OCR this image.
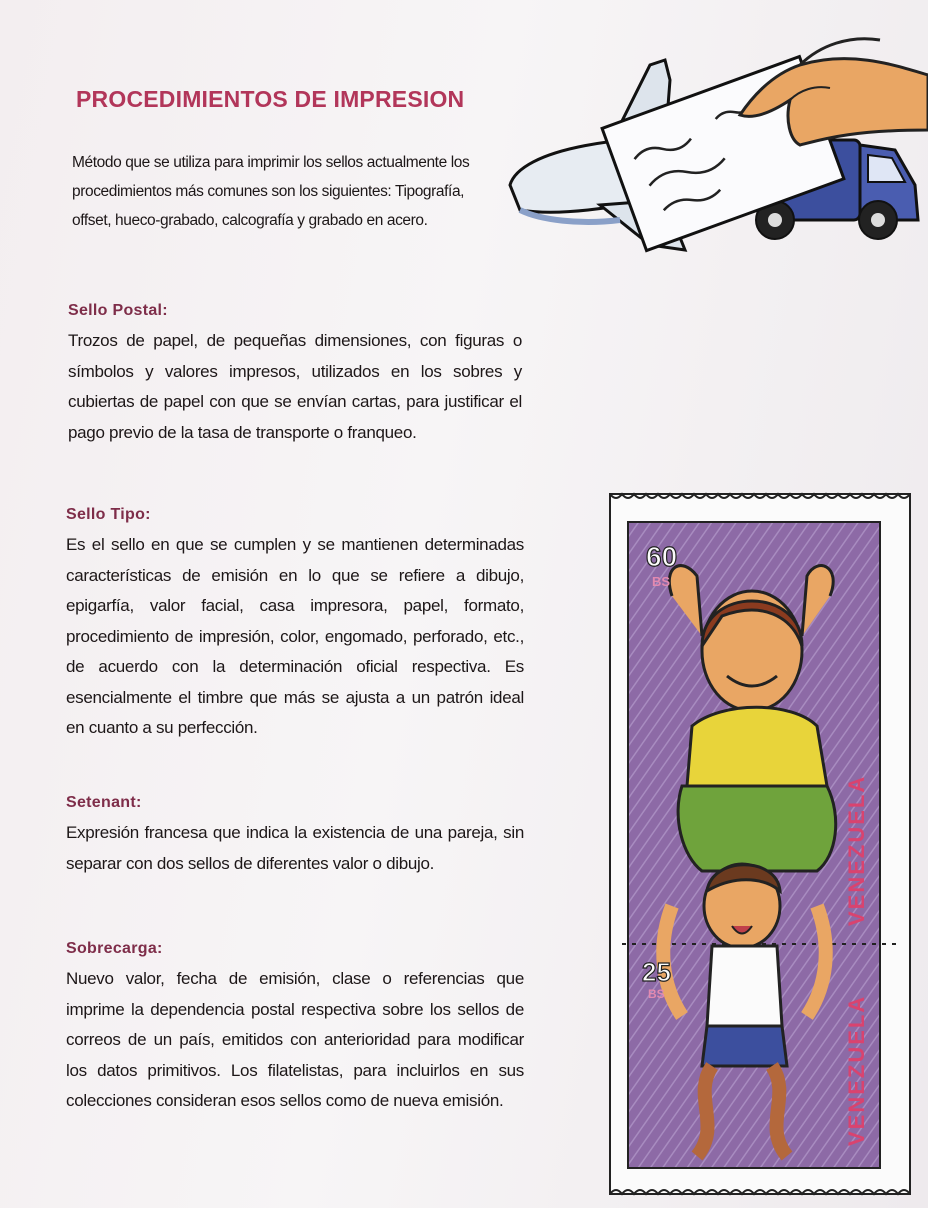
PROCEDIMIENTOS DE IMPRESION

Método que se utiliza para imprimir los sellos actualmente los procedimientos más comunes son los siguientes: Tipografía, offset, hueco-grabado, calcografía y grabado en acero.

Sello Postal:

Trozos de papel, de pequeñas dimensiones, con figuras o símbolos y valores impresos, utilizados en los sobres y cubiertas de papel con que se envían cartas, para justificar el pago previo de la tasa de transporte o franqueo.

Sello Tipo:

Es el sello en que se cumplen y se mantienen determinadas características de emisión en lo que se refiere a dibujo, epigarfía, valor facial, casa impresora, papel, formato, procedimiento de impresión, color, engomado, perforado, etc., de acuerdo con la determinación oficial respectiva. Es esencialmente el timbre que más se ajusta a un patrón ideal en cuanto a su perfección.

Setenant:

Expresión francesa que indica la existencia de una pareja, sin separar con dos sellos de diferentes valor o dibujo.

Sobrecarga:

Nuevo valor, fecha de emisión, clase o referencias que imprime la dependencia postal respectiva sobre los sellos de correos de un país, emitidos con anterioridad para modificar los datos primitivos. Los filatelistas, para incluirlos en sus colecciones consideran esos sellos como de nueva emisión.

60
BS
25
BS
VENEZUELA
VENEZUELA
